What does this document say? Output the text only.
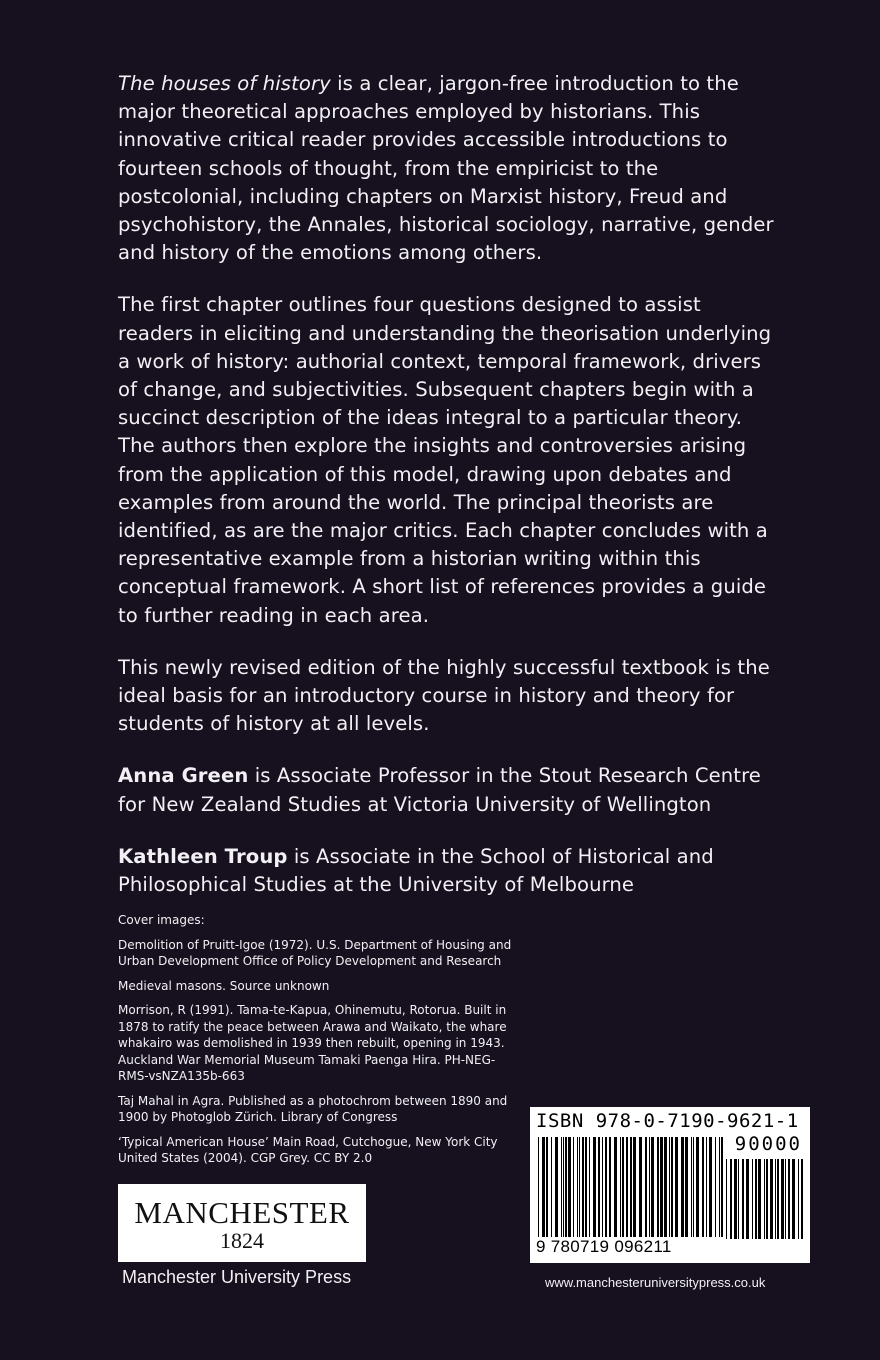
The houses of history is a clear, jargon-free introduction to the major theoretical approaches employed by historians. This innovative critical reader provides accessible introductions to fourteen schools of thought, from the empiricist to the postcolonial, including chapters on Marxist history, Freud and psychohistory, the Annales, historical sociology, narrative, gender and history of the emotions among others.

The first chapter outlines four questions designed to assist readers in eliciting and understanding the theorisation underlying a work of history: authorial context, temporal framework, drivers of change, and subjectivities. Subsequent chapters begin with a succinct description of the ideas integral to a particular theory. The authors then explore the insights and controversies arising from the application of this model, drawing upon debates and examples from around the world. The principal theorists are identified, as are the major critics. Each chapter concludes with a representative example from a historian writing within this conceptual framework. A short list of references provides a guide to further reading in each area.

This newly revised edition of the highly successful textbook is the ideal basis for an introductory course in history and theory for students of history at all levels.

Anna Green is Associate Professor in the Stout Research Centre for New Zealand Studies at Victoria University of Wellington

Kathleen Troup is Associate in the School of Historical and Philosophical Studies at the University of Melbourne

Cover images:

Demolition of Pruitt-Igoe (1972). U.S. Department of Housing and Urban Development Office of Policy Development and Research

Medieval masons. Source unknown

Morrison, R (1991). Tama-te-Kapua, Ohinemutu, Rotorua. Built in 1878 to ratify the peace between Arawa and Waikato, the whare whakairo was demolished in 1939 then rebuilt, opening in 1943. Auckland War Memorial Museum Tamaki Paenga Hira. PH-NEG-RMS-vsNZA135b-663

Taj Mahal in Agra. Published as a photochrom between 1890 and 1900 by Photoglob Zürich. Library of Congress

‘Typical American House’ Main Road, Cutchogue, New York City United States (2004). CGP Grey. CC BY 2.0

MANCHESTER
1824
Manchester University Press
ISBN 978-0-7190-9621-1
90000
9 780719 096211
www.manchesteruniversitypress.co.uk
